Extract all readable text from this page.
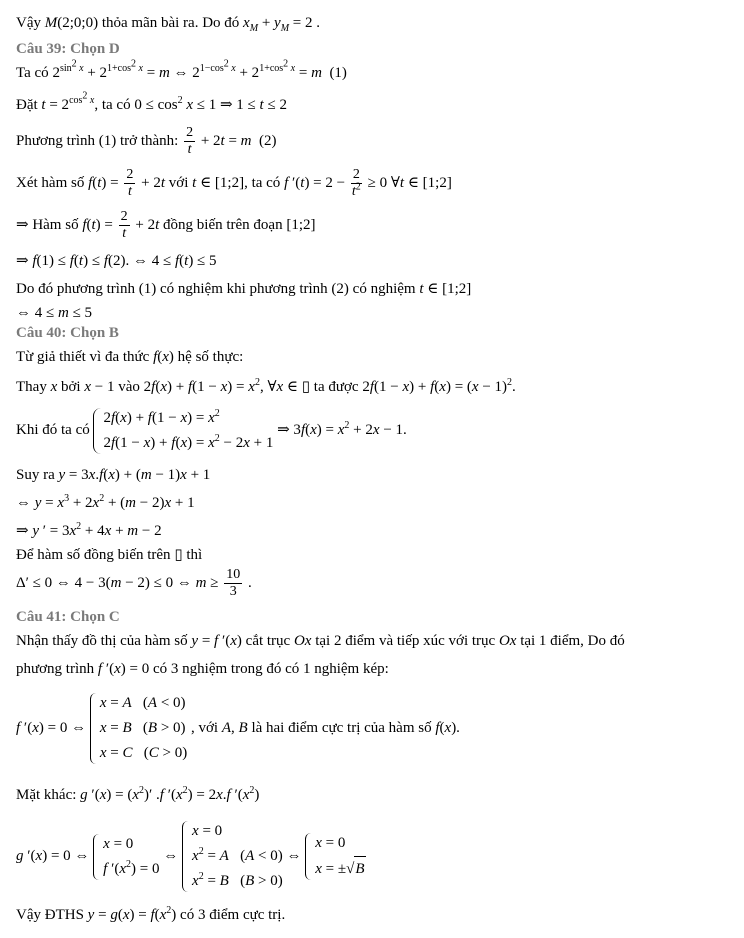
Vậy M(2;0;0) thỏa mãn bài ra. Do đó $x_M + y_M = 2$ .
Câu 39: Chọn D
Ta có $2^{sin^2 x} + 2^{1+cos^2 x} = m$ ⇔ $2^{1-cos^2 x} + 2^{1+cos^2 x} = m$  (1)
Đặt $t = 2^{cos^2 x}$, ta có $0 \le \cos^2 x \le 1$ ⇒ 1 ≤ t ≤ 2
Phương trình (1) trở thành: $\frac{2}{t} + 2t = m$  (2)
Xét hàm số $f(t) = \frac{2}{t} + 2t$ với t ∈ [1;2], ta có f $'(t) = 2 - \frac{2}{t^2} \ge 0$ ∀t ∈ [1;2]
⇒ Hàm số $f(t) = \frac{2}{t} + 2t$ đồng biến trên đoạn [1;2]
⇒ f(1) ≤ f(t) ≤ f(2). ⇔ 4 ≤ f(t) ≤ 5
Do đó phương trình (1) có nghiệm khi phương trình (2) có nghiệm t ∈ [1;2]
⇔ 4 ≤ m ≤ 5
Câu 40: Chọn B
Từ giả thiết vì đa thức f(x) hệ số thực:
Thay x bởi x − 1 vào $2f(x) + f(1 - x) = x^2$, ∀x ∈ ▯ ta được $2f(1 - x) + f(x) = (x - 1)^2$.
Khi đó ta có
$2f(x) + f(1 - x) = x^2$
$2f(1 - x) + f(x) = x^2 - 2x + 1$
⇒ $3f(x) = x^2 + 2x - 1$.
Suy ra y = 3x.f(x) + (m − 1)x + 1
⇔ $y = x^3 + 2x^2 + (m - 2)x + 1$
⇒ y ′ = $3x^2 + 4x + m - 2$
Để hàm số đồng biến trên ▯ thì
Δ′ ≤ 0 ⇔ 4 − 3(m − 2) ≤ 0 ⇔ $m \ge \frac{10}{3}$ .
Câu 41: Chọn C
Nhận thấy đồ thị của hàm số y = f ′(x) cắt trục Ox tại 2 điểm và tiếp xúc với trục Ox tại 1 điểm, Do đó
phương trình f ′(x) = 0 có 3 nghiệm trong đó có 1 nghiệm kép:
f ′(x) = 0 ⇔
x = A   (A < 0)
x = B   (B > 0)
x = C   (C > 0)
, với A, B là hai điểm cực trị của hàm số f(x).
Mặt khác: g $'(x) = (x^2)'$ .f $'(x^2) = 2x.f$ $'(x^2)$
g ′(x) = 0 ⇔
x = 0
f $'(x^2) = 0$
⇔
x = 0
$x^2 = A$   (A < 0)
$x^2 = B$   (B > 0)
⇔
x = 0
x = ±√B
Vậy ĐTHS $y = g(x) = f(x^2)$ có 3 điểm cực trị.
